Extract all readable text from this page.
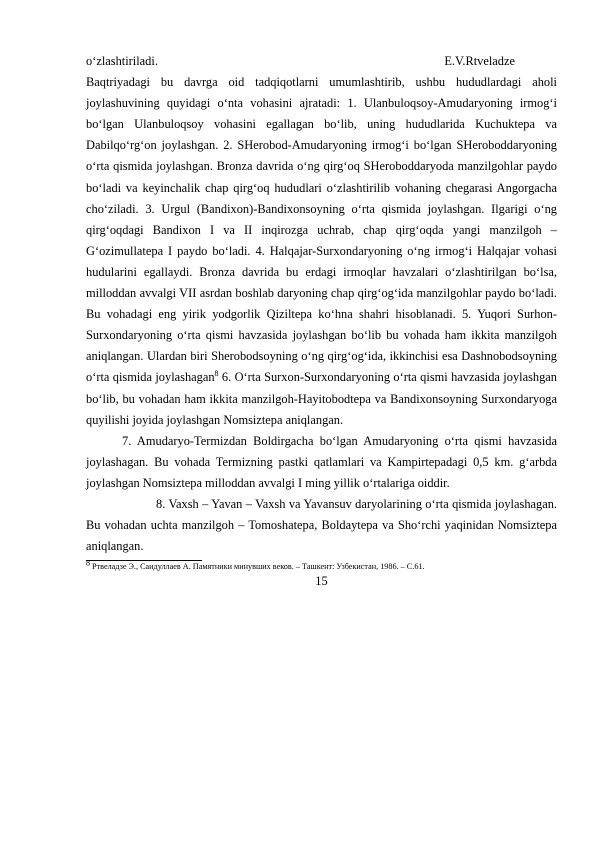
o‘zlashtiriladi.	E.V.Rtveladze

Baqtriyadagi bu davrga oid tadqiqotlarni umumlashtirib, ushbu hududlardagi aholi joylashuvining quyidagi o‘nta vohasini ajratadi: 1. Ulanbuloqsoy-Amudaryoning irmog‘i bo‘lgan Ulanbuloqsoy vohasini egallagan bo‘lib, uning hududlarida Kuchuktepa va Dabilqo‘rg‘on joylashgan. 2. SHerobod-Amudaryoning irmog‘i bo‘lgan SHeroboddaryoning o‘rta qismida joylashgan. Bronza davrida o‘ng qirg‘oq SHeroboddaryoda manzilgohlar paydo bo‘ladi va keyinchalik chap qirg‘oq hududlari o‘zlashtirilib vohaning chegarasi Angorgacha cho‘ziladi. 3. Urgul (Bandixon)-Bandixonsoyning o‘rta qismida joylashgan. Ilgarigi o‘ng qirg‘oqdagi Bandixon I va II inqirozga uchrab, chap qirg‘oqda yangi manzilgoh – G‘ozimullatepa I paydo bo‘ladi. 4. Halqajar-Surxondaryoning o‘ng irmog‘i Halqajar vohasi hudularini egallaydi. Bronza davrida bu erdagi irmoqlar havzalari o‘zlashtirilgan bo‘lsa, milloddan avvalgi VII asrdan boshlab daryoning chap qirg‘og‘ida manzilgohlar paydo bo‘ladi. Bu vohadagi eng yirik yodgorlik Qiziltepa ko‘hna shahri hisoblanadi. 5. Yuqori Surhon-Surxondaryoning o‘rta qismi havzasida joylashgan bo‘lib bu vohada ham ikkita manzilgoh aniqlangan. Ulardan biri Sherobodsoyning o‘ng qirg‘og‘ida, ikkinchisi esa Dashnobodsoyning o‘rta qismida joylashagan$^8$ 6. O‘rta Surxon-Surxondaryoning o‘rta qismi havzasida joylashgan bo‘lib, bu vohadan ham ikkita manzilgoh-Hayitobodtepa va Bandixonsoyning Surxondaryoga quyilishi joyida joylashgan Nomsiztepa aniqlangan.

7. Amudaryo-Termizdan Boldirgacha bo‘lgan Amudaryoning o‘rta qismi havzasida joylashagan. Bu vohada Termizning pastki qatlamlari va Kampirtepadagi 0,5 km. g‘arbda joylashgan Nomsiztepa milloddan avvalgi I ming yillik o‘rtalariga oiddir.

8. Vaxsh – Yavan – Vaxsh va Yavansuv daryolarining o‘rta qismida joylashagan. Bu vohadan uchta manzilgoh – Tomoshatepa, Boldaytepa va Sho‘rchi yaqinidan Nomsiztepa aniqlangan.

$^8$ Ртвеладзе Э., Саидуллаев А. Памятники минувших веков. – Ташкент: Узбекистан, 1986. – С.61.

15
